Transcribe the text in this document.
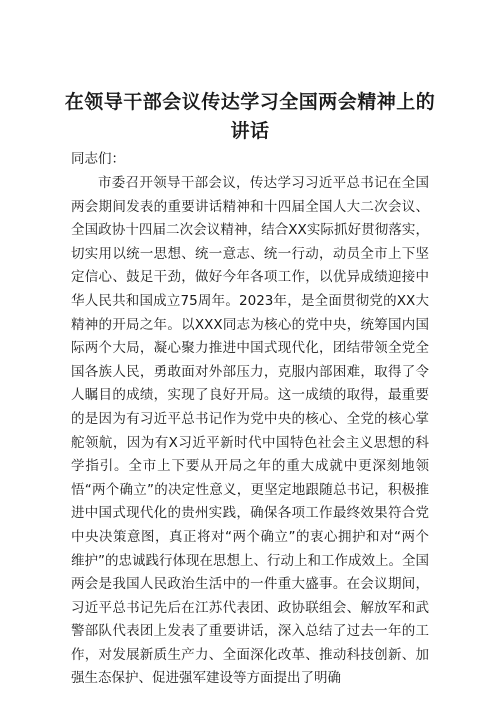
在领导干部会议传达学习全国两会精神上的讲话
同志们：

市委召开领导干部会议，传达学习习近平总书记在全国两会期间发表的重要讲话精神和十四届全国人大二次会议、全国政协十四届二次会议精神，结合XX实际抓好贯彻落实，切实用以统一思想、统一意志、统一行动，动员全市上下坚定信心、鼓足干劲，做好今年各项工作，以优异成绩迎接中华人民共和国成立75周年。2023年，是全面贯彻党的XX大精神的开局之年。以XXX同志为核心的党中央，统筹国内国际两个大局，凝心聚力推进中国式现代化，团结带领全党全国各族人民，勇敢面对外部压力，克服内部困难，取得了令人瞩目的成绩，实现了良好开局。这一成绩的取得，最重要的是因为有习近平总书记作为党中央的核心、全党的核心掌舵领航，因为有X习近平新时代中国特色社会主义思想的科学指引。全市上下要从开局之年的重大成就中更深刻地领悟“两个确立”的决定性意义，更坚定地跟随总书记，积极推进中国式现代化的贵州实践，确保各项工作最终效果符合党中央决策意图，真正将对“两个确立”的衷心拥护和对“两个维护”的忠诚践行体现在思想上、行动上和工作成效上。全国两会是我国人民政治生活中的一件重大盛事。在会议期间，习近平总书记先后在江苏代表团、政协联组会、解放军和武警部队代表团上发表了重要讲话，深入总结了过去一年的工作，对发展新质生产力、全面深化改革、推动科技创新、加强生态保护、促进强军建设等方面提出了明确
